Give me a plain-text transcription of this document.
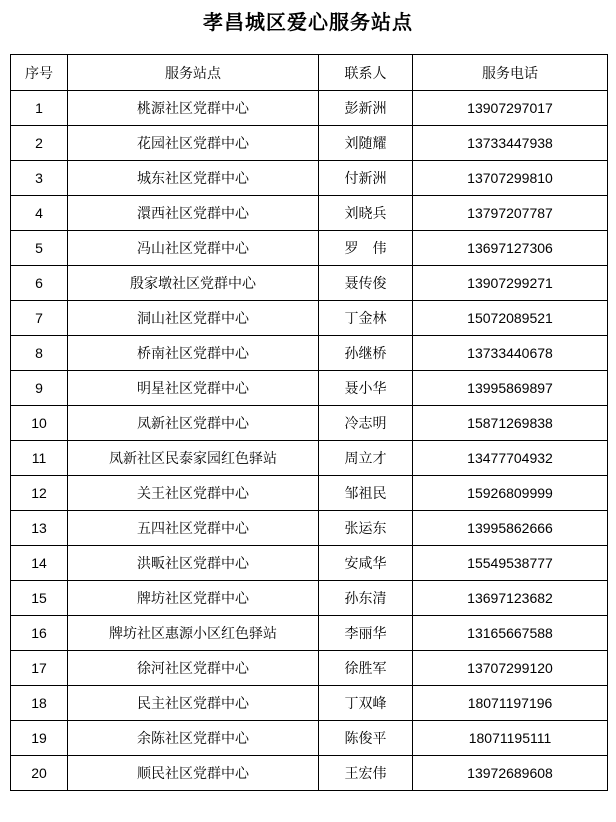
孝昌城区爱心服务站点
序号	服务站点	联系人	服务电话
1	桃源社区党群中心	彭新洲	13907297017
2	花园社区党群中心	刘随耀	13733447938
3	城东社区党群中心	付新洲	13707299810
4	澴西社区党群中心	刘晓兵	13797207787
5	冯山社区党群中心	罗　伟	13697127306
6	殷家墩社区党群中心	聂传俊	13907299271
7	洞山社区党群中心	丁金林	15072089521
8	桥南社区党群中心	孙继桥	13733440678
9	明星社区党群中心	聂小华	13995869897
10	凤新社区党群中心	冷志明	15871269838
11	凤新社区民泰家园红色驿站	周立才	13477704932
12	关王社区党群中心	邹祖民	15926809999
13	五四社区党群中心	张运东	13995862666
14	洪畈社区党群中心	安咸华	15549538777
15	牌坊社区党群中心	孙东清	13697123682
16	牌坊社区惠源小区红色驿站	李丽华	13165667588
17	徐河社区党群中心	徐胜军	13707299120
18	民主社区党群中心	丁双峰	18071197196
19	余陈社区党群中心	陈俊平	18071195111
20	顺民社区党群中心	王宏伟	13972689608
